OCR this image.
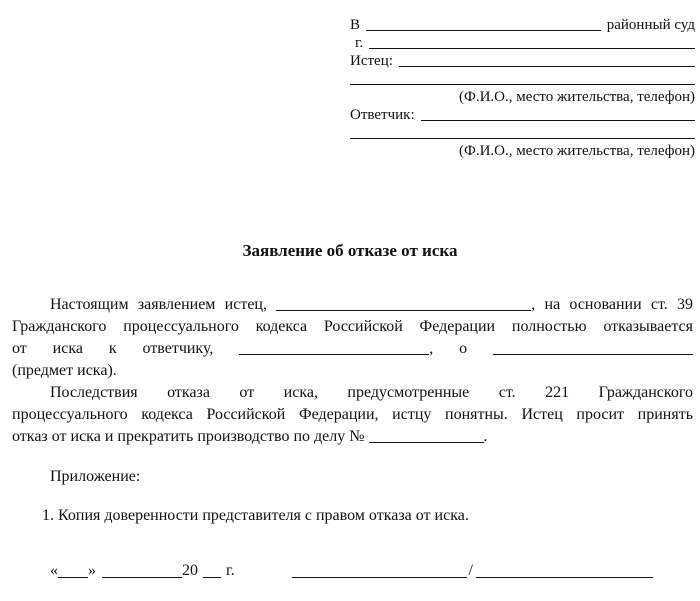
В	районный суд
г.
Истец:
(Ф.И.О., место жительства, телефон)
Ответчик:
(Ф.И.О., место жительства, телефон)
Заявление об отказе от иска
Настоящим заявлением истец,	, на основании ст. 39
Гражданского процессуального кодекса Российской Федерации полностью отказывается
от иска к ответчику,	, о
(предмет иска).
Последствия отказа от иска, предусмотренные ст. 221 Гражданского
процессуального кодекса Российской Федерации, истцу понятны. Истец просит принять
отказ от иска и прекратить производство по делу №	.
Приложение:
1. Копия доверенности представителя с правом отказа от иска.
« »	20 г.	/
